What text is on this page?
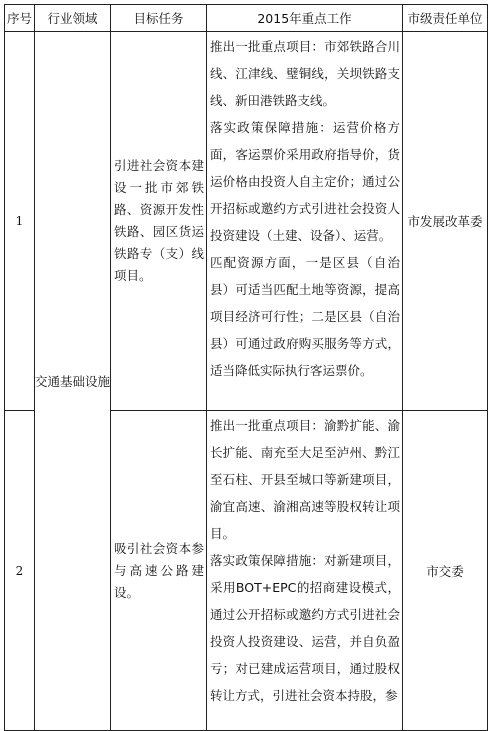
序号	行业领域	目标任务	2015年重点工作	市级责任单位
1	交通基础设施	引进社会资本建设一批市郊铁路、资源开发性铁路、园区货运铁路专（支）线项目。	推出一批重点项目：市郊铁路合川线、江津线、璧铜线，关坝铁路支线、新田港铁路支线。

落实政策保障措施：运营价格方面，客运票价采用政府指导价，货运价格由投资人自主定价；通过公开招标或邀约方式引进社会投资人投资建设（土建、设备）、运营。

匹配资源方面，一是区县（自治县）可适当匹配土地等资源，提高项目经济可行性；二是区县（自治县）可通过政府购买服务等方式，适当降低实际执行客运票价。	市发展改革委
2		吸引社会资本参与高速公路建设。	推出一批重点项目：渝黔扩能、渝长扩能、南充至大足至泸州、黔江至石柱、开县至城口等新建项目，渝宜高速、渝湘高速等股权转让项目。

落实政策保障措施：对新建项目，采用BOT+EPC的招商建设模式，通过公开招标或邀约方式引进社会投资人投资建设、运营，并自负盈亏；对已建成运营项目，通过股权转让方式，引进社会资本持股，参	市交委
